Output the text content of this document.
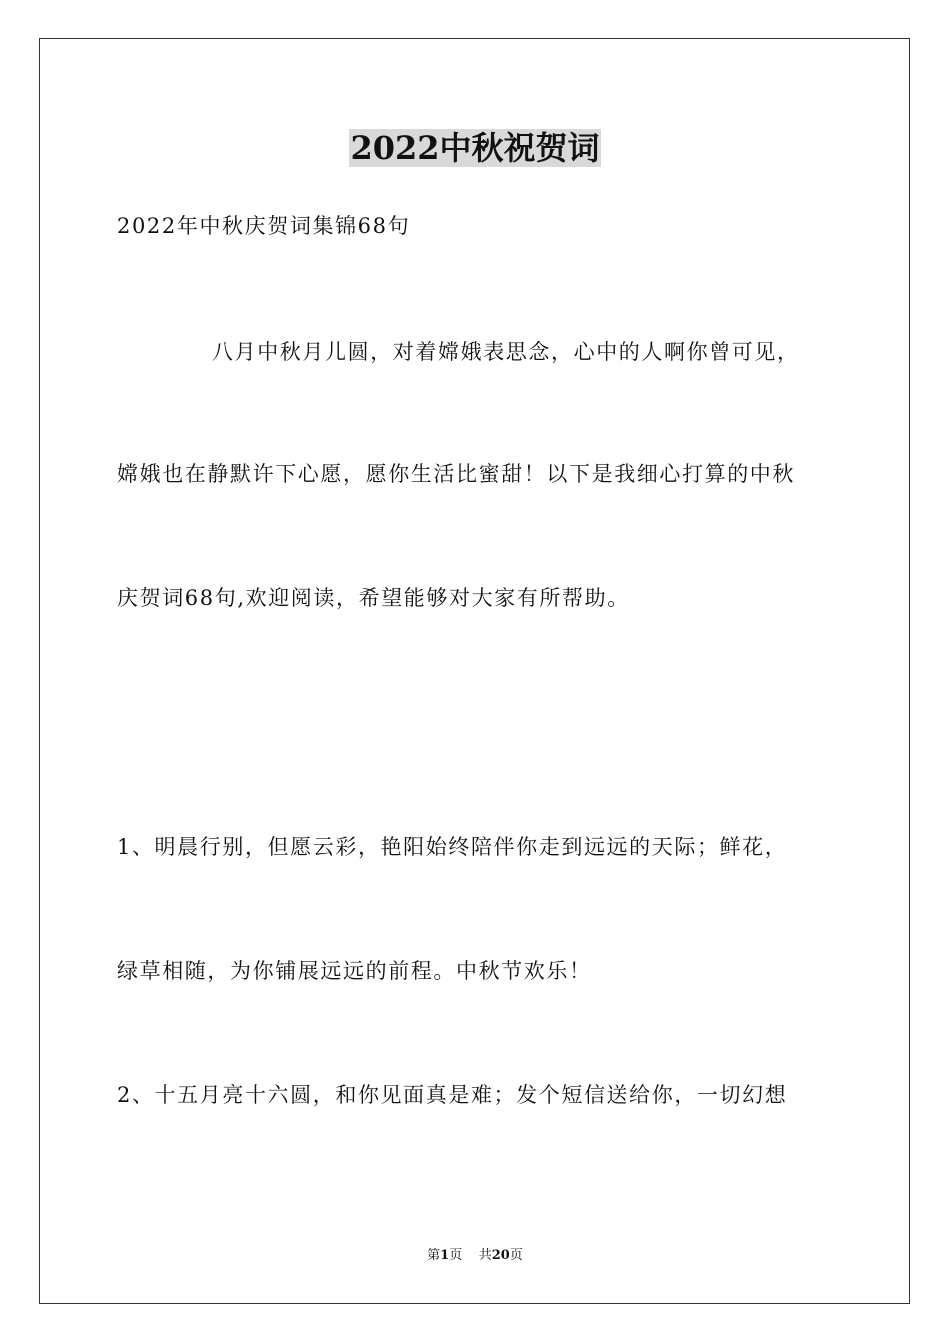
2022中秋祝贺词
2022年中秋庆贺词集锦68句
八月中秋月儿圆，对着嫦娥表思念，心中的人啊你曾可见，
嫦娥也在静默许下心愿，愿你生活比蜜甜！以下是我细心打算的中秋
庆贺词68句,欢迎阅读，希望能够对大家有所帮助。
1、明晨行别，但愿云彩，艳阳始终陪伴你走到远远的天际；鲜花，
绿草相随，为你铺展远远的前程。中秋节欢乐！
2、十五月亮十六圆，和你见面真是难；发个短信送给你，一切幻想
第1页 共20页
